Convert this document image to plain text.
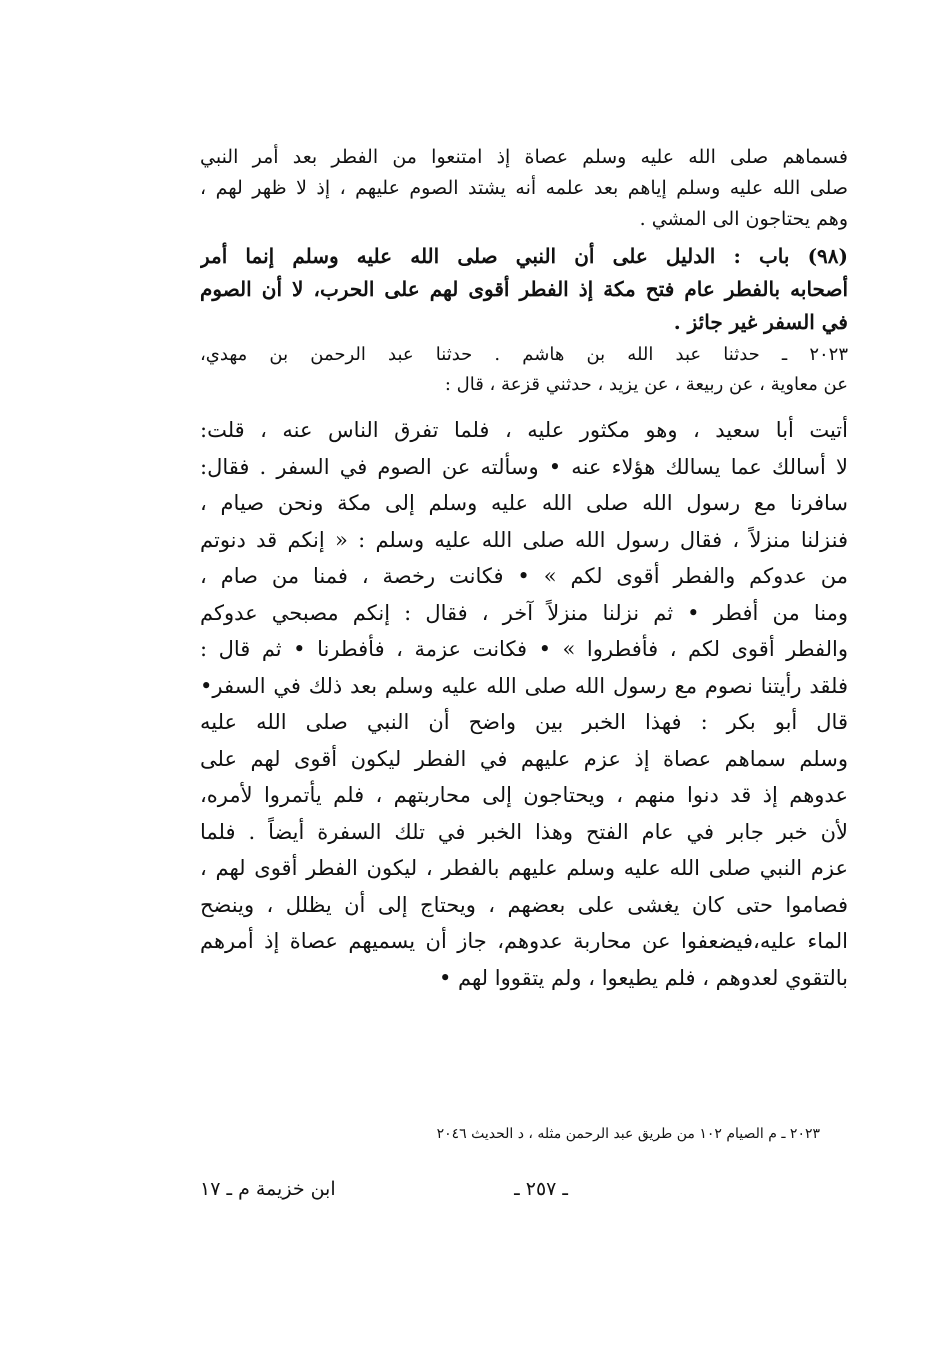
فسماهم صلى الله عليه وسلم عصاة إذ امتنعوا من الفطر بعد أمر النبي
صلى الله عليه وسلم إياهم بعد علمه أنه يشتد الصوم عليهم ، إذ لا ظهر لهم ،
وهم يحتاجون الى المشي .
(٩٨) باب : الدليل على أن النبي صلى الله عليه وسلم إنما أمر
أصحابه بالفطر عام فتح مكة إذ الفطر أقوى لهم على الحرب، لا أن الصوم
في السفر غير جائز .
٢٠٢٣ ـ حدثنا عبد الله بن هاشم . حدثنا عبد الرحمن بن مهدي،
عن معاوية ، عن ربيعة ، عن يزيد ، حدثني قزعة ، قال :
أتيت أبا سعيد ، وهو مكثور عليه ، فلما تفرق الناس عنه ، قلت:
لا أسالك عما يسالك هؤلاء عنه • وسألته عن الصوم في السفر . فقال:
سافرنا مع رسول الله صلى الله عليه وسلم إلى مكة ونحن صيام ،
فنزلنا منزلاً ، فقال رسول الله صلى الله عليه وسلم : « إنكم قد دنوتم
من عدوكم والفطر أقوى لكم » • فكانت رخصة ، فمنا من صام ،
ومنا من أفطر • ثم نزلنا منزلاً آخر ، فقال : إنكم مصبحي عدوكم
والفطر أقوى لكم ، فأفطروا » • فكانت عزمة ، فأفطرنا • ثم قال :
فلقد رأيتنا نصوم مع رسول الله صلى الله عليه وسلم بعد ذلك في السفر•
قال أبو بكر : فهذا الخبر بين واضح أن النبي صلى الله عليه
وسلم سماهم عصاة إذ عزم عليهم في الفطر ليكون أقوى لهم على
عدوهم إذ قد دنوا منهم ، ويحتاجون إلى محاربتهم ، فلم يأتمروا لأمره،
لأن خبر جابر في عام الفتح وهذا الخبر في تلك السفرة أيضاً . فلما
عزم النبي صلى الله عليه وسلم عليهم بالفطر ، ليكون الفطر أقوى لهم ،
فصاموا حتى كان يغشى على بعضهم ، ويحتاج إلى أن يظلل ، وينضح
الماء عليه،فيضعفوا عن محاربة عدوهم، جاز أن يسميهم عصاة إذ أمرهم
بالتقوي لعدوهم ، فلم يطيعوا ، ولم يتقووا لهم •
٢٠٢٣ ـ م الصيام ١٠٢ من طريق عبد الرحمن مثله ، د الحديث ٢٠٤٦
ـ ٢٥٧ ـ
ابن خزيمة م ـ ١٧
